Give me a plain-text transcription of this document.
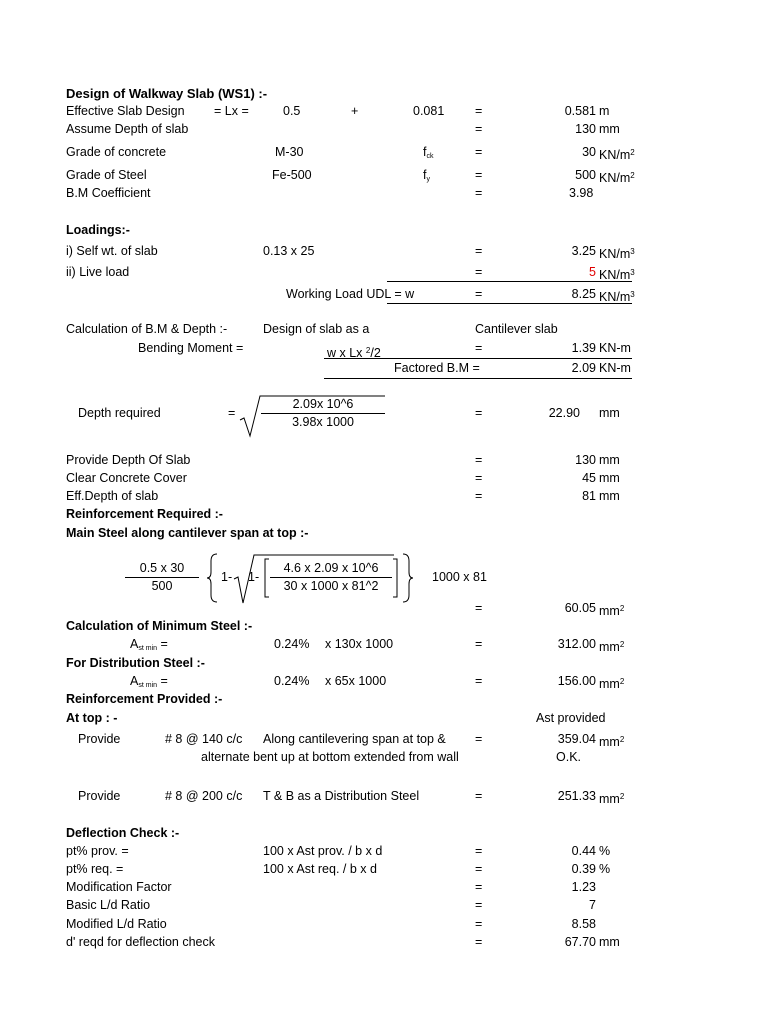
Design of Walkway Slab (WS1) :-
Effective Slab Design = Lx =	0.5	+	0.081 =	0.581 m
Assume Depth of slab	=	130 mm
Grade of concrete	M-30	$f_{ck}$	=	30 $KN/m^2$
Grade of Steel	Fe-500	$f_y$	=	500 $KN/m^2$
B.M Coefficient	=	3.98
Loadings:-
i) Self wt. of slab	0.13 x 25	=	3.25 $KN/m^3$
ii) Live load	=	5 $KN/m^3$
Working Load UDL = w	=	8.25 $KN/m^3$
Calculation of B.M & Depth :-	Design of slab as a	Cantilever slab
Bending Moment =	w x Lx $^2$/2	=	1.39 KN-m
Factored B.M =	2.09 KN-m
Depth required	=
2.09x 10^6
3.98x 1000
=	22.90 mm
Provide Depth Of Slab	=	130 mm
Clear Concrete Cover	=	45 mm
Eff.Depth of slab	=	81 mm
Reinforcement Required :-
Main Steel along cantilever span at top :-
0.5 x 30
500
1- 1-
4.6 x 2.09 x 10^6
30 x 1000 x 81^2
1000 x 81
=	60.05 $mm^2$
Calculation of Minimum Steel :-
$A_{st min}$ =	0.24% x 130x 1000	=	312.00 $mm^2$
For Distribution Steel :-
$A_{st min}$ =	0.24% x 65x 1000	=	156.00 $mm^2$
Reinforcement Provided :-
At top : -	Ast provided
Provide	# 8 @ 140 c/c Along cantilevering span at top & =	359.04 $mm^2$
alternate bent up at bottom extended from wall	O.K.
Provide	# 8 @ 200 c/c T & B as a Distribution Steel	=	251.33 $mm^2$
Deflection Check :-
pt% prov. =	100 x Ast prov. / b x d	=	0.44 %
pt% req. =	100 x Ast req. / b x d	=	0.39 %
Modification Factor	=	1.23
Basic L/d Ratio	=	7
Modified L/d Ratio	=	8.58
d' reqd for deflection check	=	67.70 mm
